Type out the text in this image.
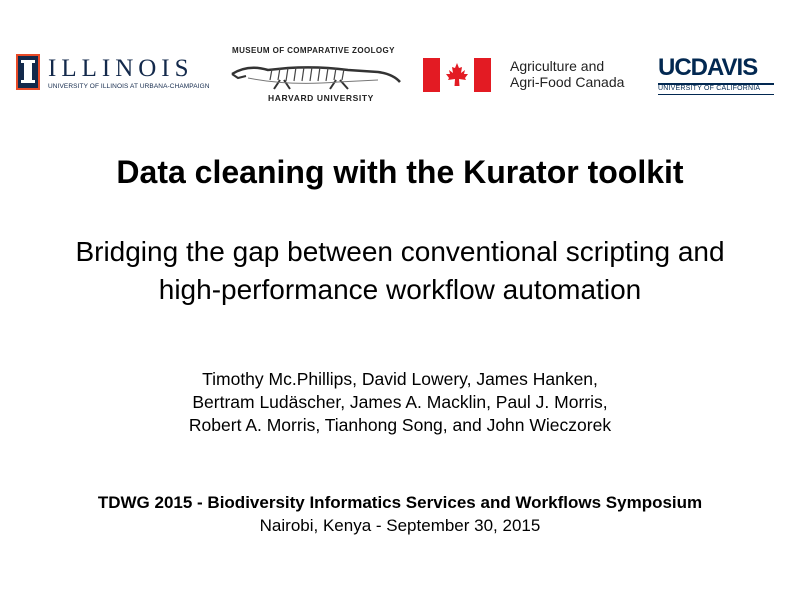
ILLINOIS
UNIVERSITY OF ILLINOIS AT URBANA-CHAMPAIGN
MUSEUM OF COMPARATIVE ZOOLOGY
HARVARD UNIVERSITY
Agriculture and
Agri-Food Canada
UCDAVIS
UNIVERSITY OF CALIFORNIA
Data cleaning with the Kurator toolkit
Bridging the gap between conventional scripting and
high-performance workflow automation
Timothy Mc.Phillips, David Lowery, James Hanken,
Bertram Ludäscher, James A. Macklin, Paul J. Morris,
Robert A. Morris, Tianhong Song, and John Wieczorek
TDWG 2015 - Biodiversity Informatics Services and Workflows Symposium
Nairobi, Kenya - September 30, 2015
